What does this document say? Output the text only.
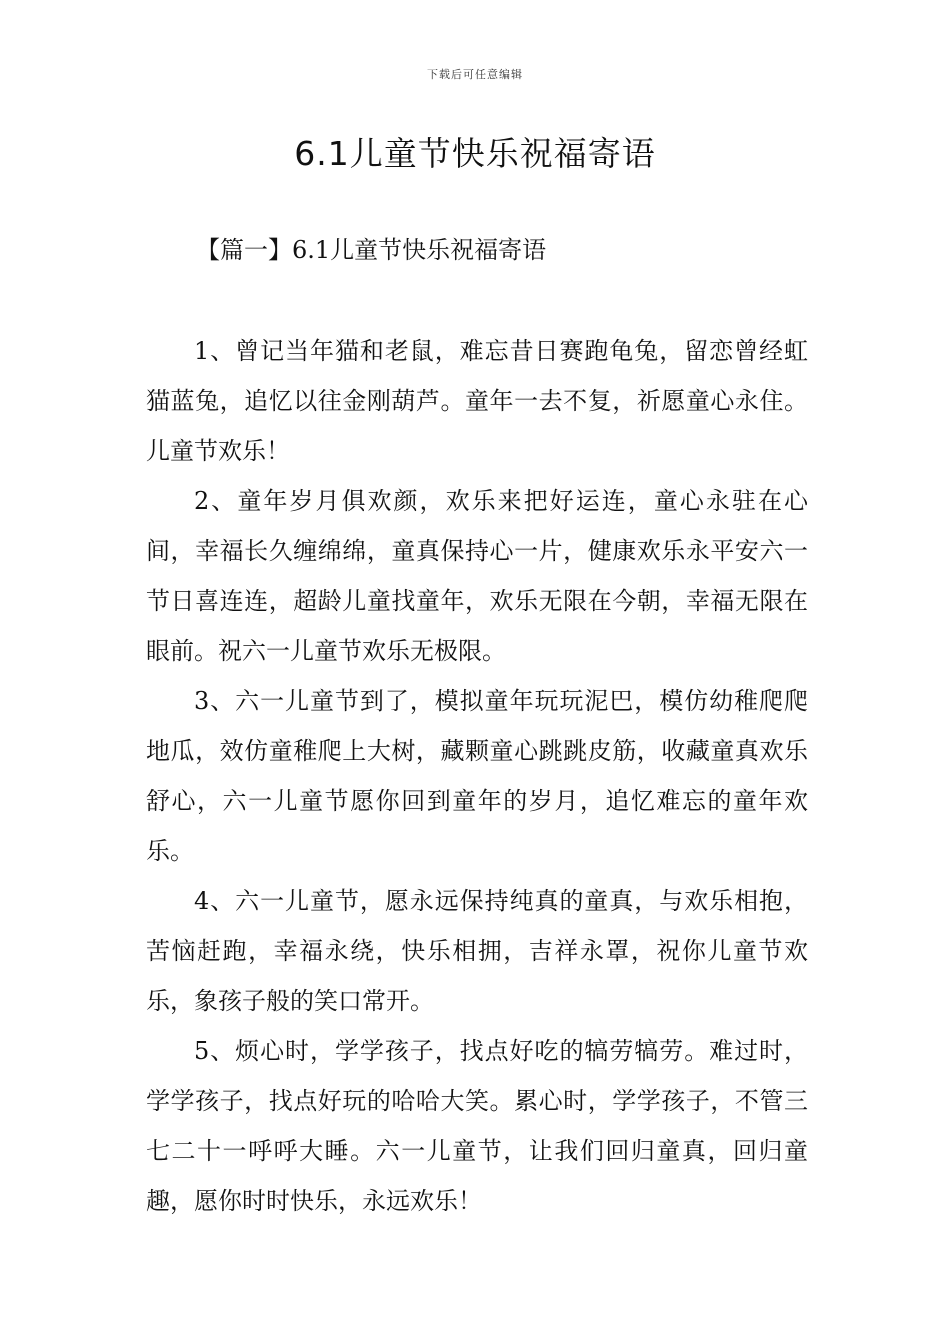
下载后可任意编辑
6.1儿童节快乐祝福寄语
【篇一】6.1儿童节快乐祝福寄语

1、曾记当年猫和老鼠，难忘昔日赛跑龟兔，留恋曾经虹猫蓝兔，追忆以往金刚葫芦。童年一去不复，祈愿童心永住。儿童节欢乐！

2、童年岁月俱欢颜，欢乐来把好运连，童心永驻在心间，幸福长久缠绵绵，童真保持心一片，健康欢乐永平安六一节日喜连连，超龄儿童找童年，欢乐无限在今朝，幸福无限在眼前。祝六一儿童节欢乐无极限。

3、六一儿童节到了，模拟童年玩玩泥巴，模仿幼稚爬爬地瓜，效仿童稚爬上大树，藏颗童心跳跳皮筋，收藏童真欢乐舒心，六一儿童节愿你回到童年的岁月，追忆难忘的童年欢乐。

4、六一儿童节，愿永远保持纯真的童真，与欢乐相抱，苦恼赶跑，幸福永绕，快乐相拥，吉祥永罩，祝你儿童节欢乐，象孩子般的笑口常开。

5、烦心时，学学孩子，找点好吃的犒劳犒劳。难过时，学学孩子，找点好玩的哈哈大笑。累心时，学学孩子，不管三七二十一呼呼大睡。六一儿童节，让我们回归童真，回归童趣，愿你时时快乐，永远欢乐！
